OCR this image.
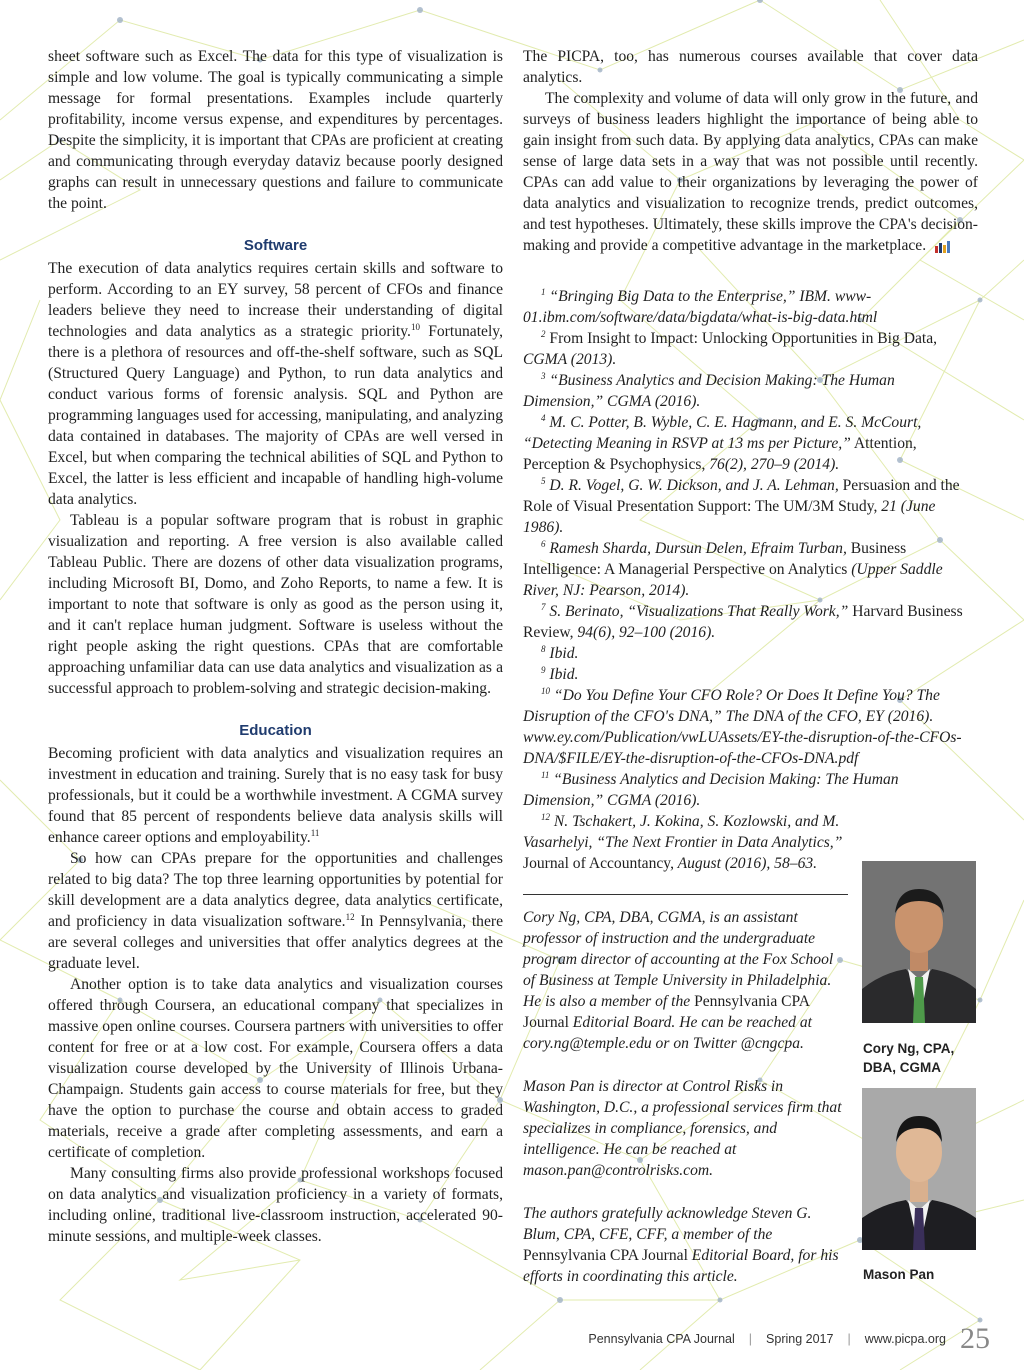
sheet software such as Excel. The data for this type of visualization is simple and low volume. The goal is typically communicating a simple message for formal presentations. Examples include quarterly profitability, income versus expense, and expenditures by percentages. Despite the simplicity, it is important that CPAs are proficient at creating and communicating through everyday dataviz because poorly designed graphs can result in unnecessary questions and failure to communicate the point.

Software

The execution of data analytics requires certain skills and software to perform. According to an EY survey, 58 percent of CFOs and finance leaders believe they need to increase their understanding of digital technologies and data analytics as a strategic priority.$^{10}$ Fortunately, there is a plethora of resources and off-the-shelf software, such as SQL (Structured Query Language) and Python, to run data analytics and conduct various forms of forensic analysis. SQL and Python are programming languages used for accessing, manipulating, and analyzing data contained in databases. The majority of CPAs are well versed in Excel, but when comparing the technical abilities of SQL and Python to Excel, the latter is less efficient and incapable of handling high-volume data analytics.

Tableau is a popular software program that is robust in graphic visualization and reporting. A free version is also available called Tableau Public. There are dozens of other data visualization programs, including Microsoft BI, Domo, and Zoho Reports, to name a few. It is important to note that software is only as good as the person using it, and it can't replace human judgment. Software is useless without the right people asking the right questions. CPAs that are comfortable approaching unfamiliar data can use data analytics and visualization as a successful approach to problem-solving and strategic decision-making.

Education

Becoming proficient with data analytics and visualization requires an investment in education and training. Surely that is no easy task for busy professionals, but it could be a worthwhile investment. A CGMA survey found that 85 percent of respondents believe data analysis skills will enhance career options and employability.$^{11}$

So how can CPAs prepare for the opportunities and challenges related to big data? The top three learning opportunities by potential for skill development are a data analytics degree, data analytics certificate, and proficiency in data visualization software.$^{12}$ In Pennsylvania, there are several colleges and universities that offer analytics degrees at the graduate level.

Another option is to take data analytics and visualization courses offered through Coursera, an educational company that specializes in massive open online courses. Coursera partners with universities to offer content for free or at a low cost. For example, Coursera offers a data visualization course developed by the University of Illinois Urbana-Champaign. Students gain access to course materials for free, but they have the option to purchase the course and obtain access to graded materials, receive a grade after completing assessments, and earn a certificate of completion.

Many consulting firms also provide professional workshops focused on data analytics and visualization proficiency in a variety of formats, including online, traditional live-classroom instruction, accelerated 90-minute sessions, and multiple-week classes.

The PICPA, too, has numerous courses available that cover data analytics.

The complexity and volume of data will only grow in the future, and surveys of business leaders highlight the importance of being able to gain insight from such data. By applying data analytics, CPAs can make sense of large data sets in a way that was not possible until recently. CPAs can add value to their organizations by leveraging the power of data analytics and visualization to recognize trends, predict outcomes, and test hypotheses. Ultimately, these skills improve the CPA's decision-making and provide a competitive advantage in the marketplace.

$^1$ “Bringing Big Data to the Enterprise,” IBM. www-01.ibm.com/software/data/bigdata/what-is-big-data.html

$^2$ From Insight to Impact: Unlocking Opportunities in Big Data, CGMA (2013).

$^3$ “Business Analytics and Decision Making: The Human Dimension,” CGMA (2016).

$^4$ M. C. Potter, B. Wyble, C. E. Hagmann, and E. S. McCourt, “Detecting Meaning in RSVP at 13 ms per Picture,” Attention, Perception & Psychophysics, 76(2), 270–9 (2014).

$^5$ D. R. Vogel, G. W. Dickson, and J. A. Lehman, Persuasion and the Role of Visual Presentation Support: The UM/3M Study, 21 (June 1986).

$^6$ Ramesh Sharda, Dursun Delen, Efraim Turban, Business Intelligence: A Managerial Perspective on Analytics (Upper Saddle River, NJ: Pearson, 2014).

$^7$ S. Berinato, “Visualizations That Really Work,” Harvard Business Review, 94(6), 92–100 (2016).

$^8$ Ibid.

$^9$ Ibid.

$^{10}$ “Do You Define Your CFO Role? Or Does It Define You? The Disruption of the CFO's DNA,” The DNA of the CFO, EY (2016). www.ey.com/Publication/vwLUAssets/EY-the-disruption-of-the-CFOs-DNA/$FILE/EY-the-disruption-of-the-CFOs-DNA.pdf

$^{11}$ “Business Analytics and Decision Making: The Human Dimension,” CGMA (2016).

$^{12}$ N. Tschakert, J. Kokina, S. Kozlowski, and M. Vasarhelyi, “The Next Frontier in Data Analytics,” Journal of Accountancy, August (2016), 58–63.

Cory Ng, CPA, DBA, CGMA, is an assistant professor of instruction and the undergraduate program director of accounting at the Fox School of Business at Temple University in Philadelphia. He is also a member of the Pennsylvania CPA Journal Editorial Board. He can be reached at cory.ng@temple.edu or on Twitter @cngcpa.

Mason Pan is director at Control Risks in Washington, D.C., a professional services firm that specializes in compliance, forensics, and intelligence. He can be reached at mason.pan@controlrisks.com.

The authors gratefully acknowledge Steven G. Blum, CPA, CFE, CFF, a member of the Pennsylvania CPA Journal Editorial Board, for his efforts in coordinating this article.

Cory Ng, CPA,
DBA, CGMA
Mason Pan
Pennsylvania CPA Journal | Spring 2017 | www.picpa.org 25
